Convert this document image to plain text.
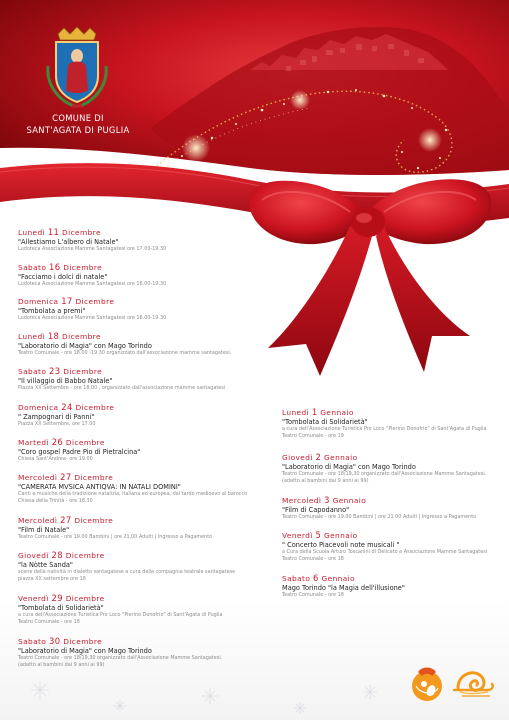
COMUNE DI
SANT'AGATA DI PUGLIA
Lunedì 11 Dicembre
"Allestiamo L'albero di Natale"
Ludoteca Associazione Mamme Santagatesi ore 17.00-19.30
Sabato 16 Dicembre
"Facciamo i dolci di natale"
Ludoteca Associazione Mamme Santagatesi ore 16.00-19.30
Domenica 17 Dicembre
"Tombolata a premi"
Ludoteca Associazione Mamme Santagatesi ore 16.00-19.30
Lunedì 18 Dicembre
"Laboratorio di Magia" con Mago Torindo
Teatro Comunale - ore 18.00 -19.30 organizzato dall'associazione mamme santagatesi.
Sabato 23 Dicembre
"Il villaggio di Babbo Natale"
Piazza XX Settembre - ore 18.00 , organizzato dall'associazione mamme santagatesi
Domenica 24 Dicembre
" Zampognari di Panni"
Piazza XX Settembre, ore 17.00
Martedì 26 Dicembre
"Coro gospel Padre Pio di Pietralcina"
Chiesa Sant'Andrea- ore 19.00
Mercoledì 27 Dicembre
"CAMERATA MVSICA ANTIQVA: IN NATALI DOMINI"
Canti e musiche della tradizione natalizia, italiana ed europea, dal tardo medioevo al barocco
Chiesa della Trinità - ore 18.30
Mercoledì 27 Dicembre
"Film di Natale"
Teatro Comunale - ore 19.00 Bambini | ore 21.00 Adulti | Ingresso a Pagamento
Giovedì 28 Dicembre
"la Nòtte Sanda"
scene della natività in dialetto santagatese a cura della compagnia teatrale santagatese
piazza XX settembre ore 18
Venerdì 29 Dicembre
"Tombolata di Solidarietà"
a cura dell'Associazione Turistica Pro Loco "Pierino Donofrio" di Sant'Agata di Puglia
Teatro Comunale - ore 18
Sabato 30 Dicembre
"Laboratorio di Magia" con Mago Torindo
Teatro Comunale - ore 18/19,30 organizzato dall'Associazione Mamme Santagatesi.
(adatto ai bambini dai 9 anni ai 99)
Lunedì 1 Gennaio
"Tombolata di Solidarietà"
a cura dell'Associazione Turistica Pro Loco "Pierino Donofrio" di Sant'Agata di Puglia
Teatro Comunale - ore 19
Giovedì 2 Gennaio
"Laboratorio di Magia" con Mago Torindo
Teatro Comunale - ore 18/19,30 organizzato dall'Associazione Mamme Santagatesi.
(adatto ai bambini dai 9 anni ai 99)
Mercoledì 3 Gennaio
"Film di Capodanno"
Teatro Comunale - ore 19.00 Bambini | ore 21.00 Adulti | Ingresso a Pagamento
Venerdì 5 Gennaio
" Concerto Piacevoli note musicali "
a Cura della Scuola Arturo Toscanini di Deliceto e Associazione Mamme Santagatesi
Teatro Comunale - ore 18
Sabato 6 Gennaio
Mago Torindo "la Magia dell'illusione"
Teatro Comunale - ore 18
